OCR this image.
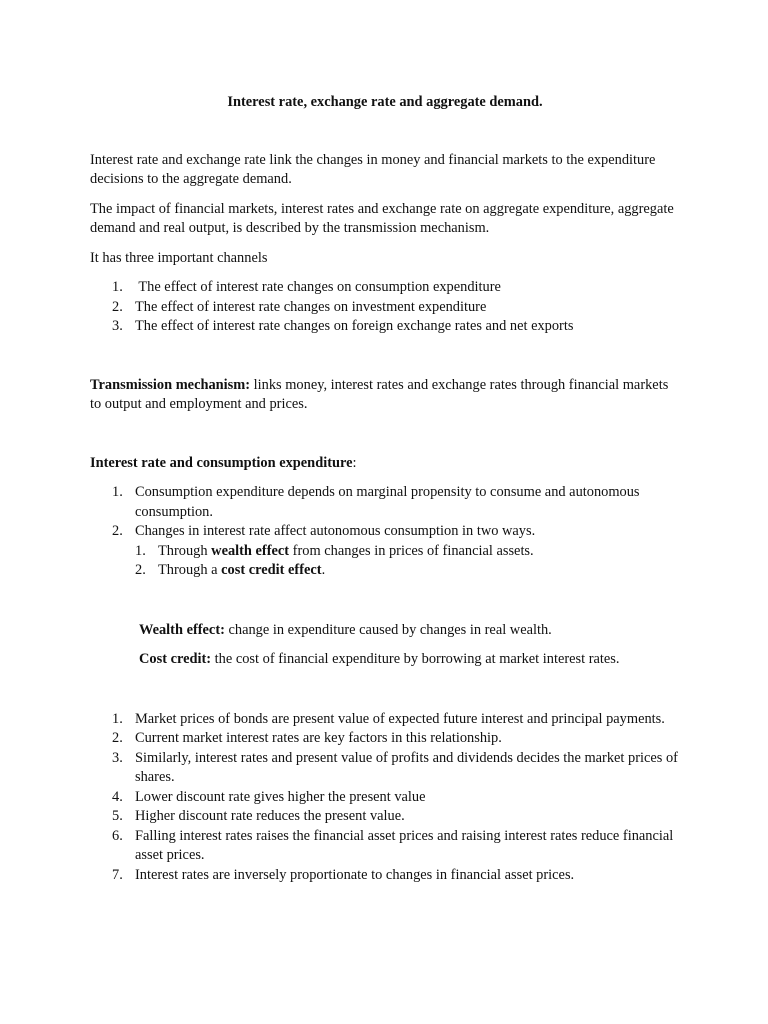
Interest rate, exchange rate and aggregate demand.

Interest rate and exchange rate link the changes in money and financial markets to the expenditure decisions to the aggregate demand.

The impact of financial markets, interest rates and exchange rate on aggregate expenditure, aggregate demand and real output, is described by the transmission mechanism.

It has three important channels

1. The effect of interest rate changes on consumption expenditure
2. The effect of interest rate changes on investment expenditure
3. The effect of interest rate changes on foreign exchange rates and net exports

Transmission mechanism: links money, interest rates and exchange rates through financial markets to output and employment and prices.

Interest rate and consumption expenditure:

1. Consumption expenditure depends on marginal propensity to consume and autonomous consumption.
2. Changes in interest rate affect autonomous consumption in two ways.
1. Through wealth effect from changes in prices of financial assets.
2. Through a cost credit effect.

Wealth effect: change in expenditure caused by changes in real wealth.

Cost credit: the cost of financial expenditure by borrowing at market interest rates.

1. Market prices of bonds are present value of expected future interest and principal payments.
2. Current market interest rates are key factors in this relationship.
3. Similarly, interest rates and present value of profits and dividends decides the market prices of shares.
4. Lower discount rate gives higher the present value
5. Higher discount rate reduces the present value.
6. Falling interest rates raises the financial asset prices and raising interest rates reduce financial asset prices.
7. Interest rates are inversely proportionate to changes in financial asset prices.
